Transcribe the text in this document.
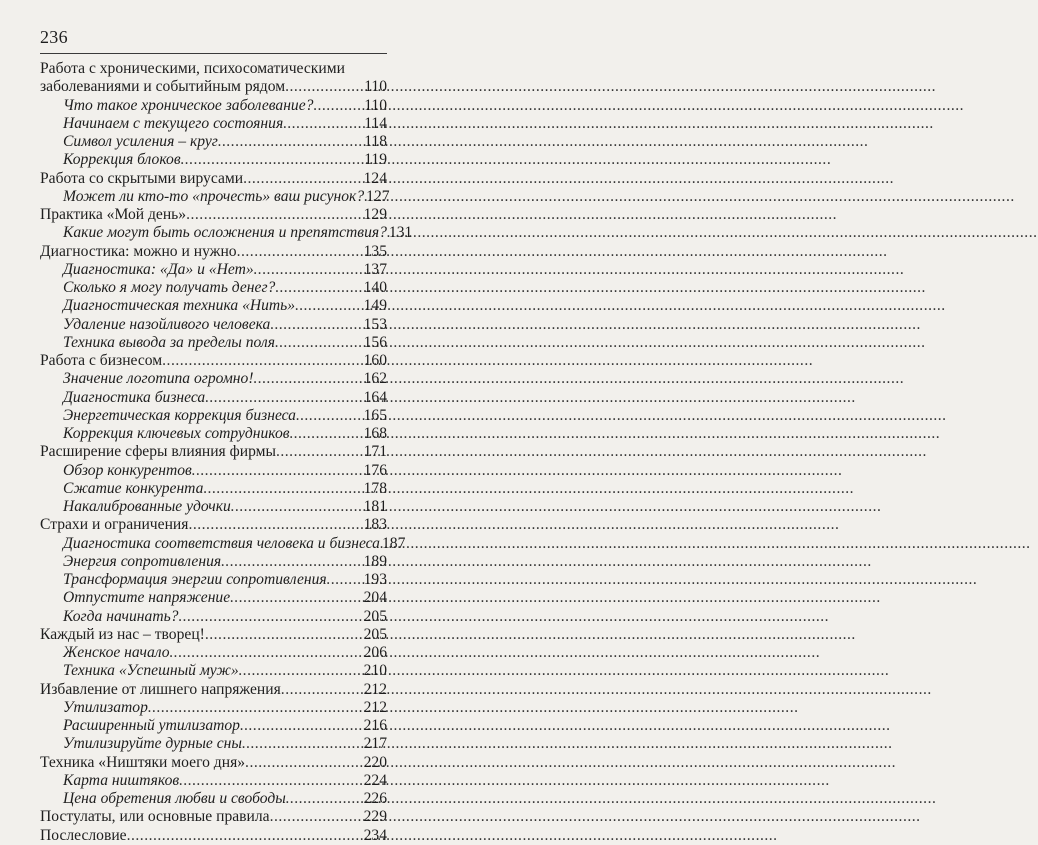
236
Работа с хроническими, психосоматическими
заболеваниями и событийным рядом .....	110
Что такое хроническое заболевание? .....	110
Начинаем с текущего состояния .....	114
Символ усиления – круг .....	118
Коррекция блоков .....	119
Работа со скрытыми вирусами .....	124
Может ли кто-то «прочесть» ваш рисунок? ..... 127
Практика «Мой день» .....	129
Какие могут быть осложнения и препятствия? ..... 131
Диагностика: можно и нужно .....	135
Диагностика: «Да» и «Нет» .....	137
Сколько я могу получать денег? .....	140
Диагностическая техника «Нить» .....	149
Удаление назойливого человека .....	153
Техника вывода за пределы поля .....	156
Работа с бизнесом .....	160
Значение логотипа огромно! .....	162
Диагностика бизнеса .....	164
Энергетическая коррекция бизнеса .....	165
Коррекция ключевых сотрудников .....	168
Расширение сферы влияния фирмы .....	171
Обзор конкурентов .....	176
Сжатие конкурента .....	178
Накалиброванные удочки .....	181
Страхи и ограничения .....	183
Диагностика соответствия человека и бизнеса ..... 187
Энергия сопротивления .....	189
Трансформация энергии сопротивления ..... 193
Отпустите напряжение .....	204
Когда начинать? .....	205
Каждый из нас – творец! .....	205
Женское начало .....	206
Техника «Успешный муж» .....	210
Избавление от лишнего напряжения .....	212
Утилизатор .....	212
Расширенный утилизатор .....	216
Утилизируйте дурные сны .....	217
Техника «Ништяки моего дня» .....	220
Карта ништяков .....	224
Цена обретения любви и свободы .....	226
Постулаты, или основные правила .....	229
Послесловие .....	234
